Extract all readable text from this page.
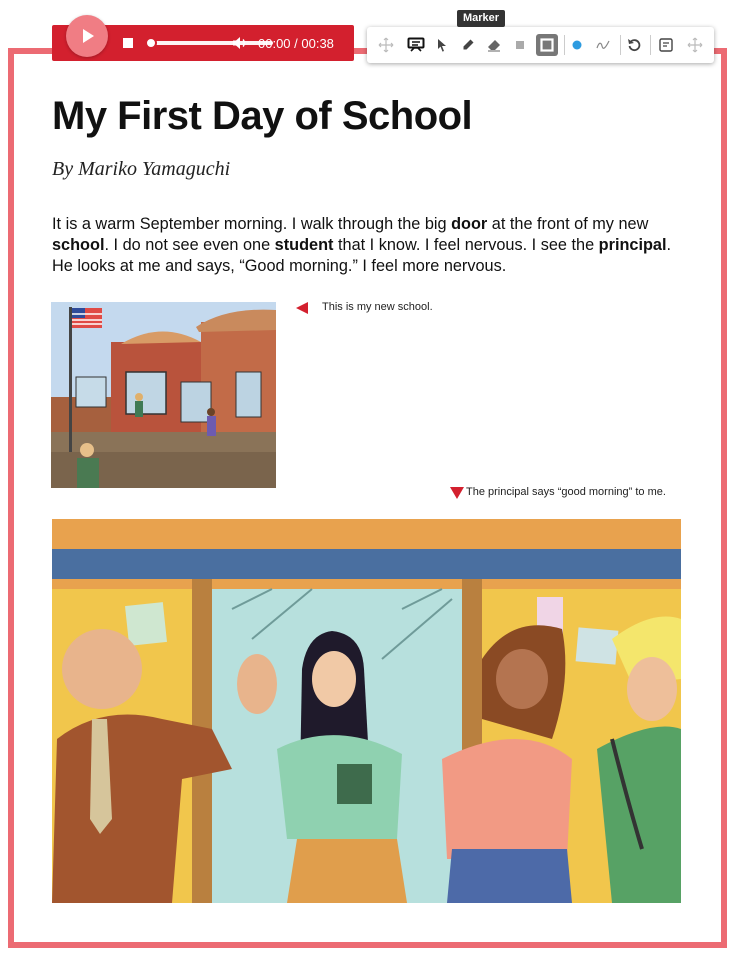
00:00 / 00:38
Marker
My First Day of School
By Mariko Yamaguchi

It is a warm September morning. I walk through the big door at the front of my new school. I do not see even one student that I know. I feel nervous. I see the principal. He looks at me and says, “Good morning.” I feel more nervous.

This is my new school.
The principal says “good morning” to me.
